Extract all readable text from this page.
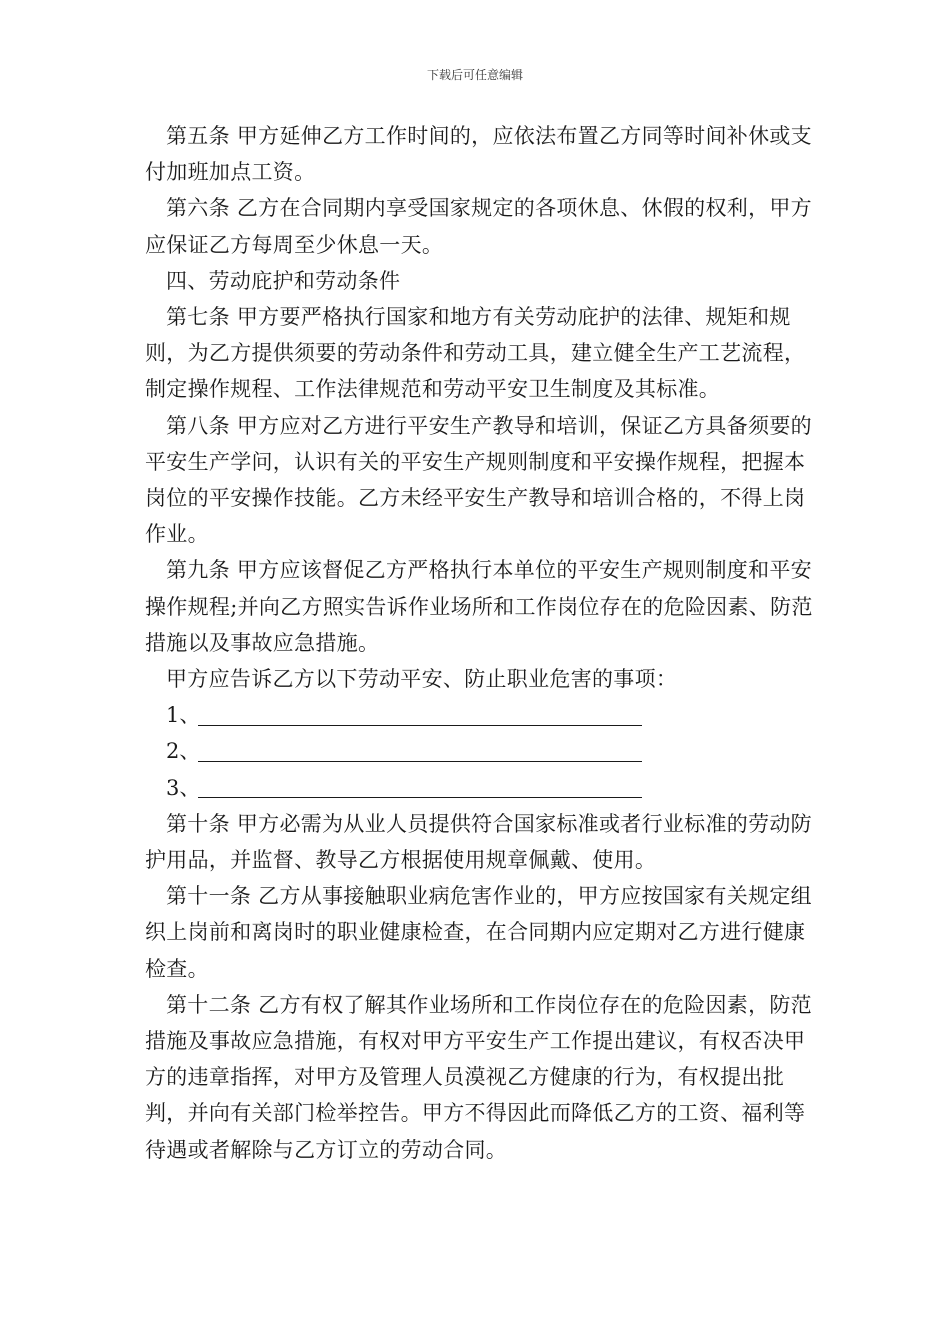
下载后可任意编辑

第五条 甲方延伸乙方工作时间的，应依法布置乙方同等时间补休或支付加班加点工资。

第六条 乙方在合同期内享受国家规定的各项休息、休假的权利，甲方应保证乙方每周至少休息一天。

四、劳动庇护和劳动条件

第七条 甲方要严格执行国家和地方有关劳动庇护的法律、规矩和规则，为乙方提供须要的劳动条件和劳动工具，建立健全生产工艺流程，制定操作规程、工作法律规范和劳动平安卫生制度及其标准。

第八条 甲方应对乙方进行平安生产教导和培训，保证乙方具备须要的平安生产学问，认识有关的平安生产规则制度和平安操作规程，把握本岗位的平安操作技能。乙方未经平安生产教导和培训合格的，不得上岗作业。

第九条 甲方应该督促乙方严格执行本单位的平安生产规则制度和平安操作规程;并向乙方照实告诉作业场所和工作岗位存在的危险因素、防范措施以及事故应急措施。

甲方应告诉乙方以下劳动平安、防止职业危害的事项：

1、
2、
3、

第十条 甲方必需为从业人员提供符合国家标准或者行业标准的劳动防护用品，并监督、教导乙方根据使用规章佩戴、使用。

第十一条 乙方从事接触职业病危害作业的，甲方应按国家有关规定组织上岗前和离岗时的职业健康检查，在合同期内应定期对乙方进行健康检查。

第十二条 乙方有权了解其作业场所和工作岗位存在的危险因素，防范措施及事故应急措施，有权对甲方平安生产工作提出建议，有权否决甲方的违章指挥，对甲方及管理人员漠视乙方健康的行为，有权提出批判，并向有关部门检举控告。甲方不得因此而降低乙方的工资、福利等待遇或者解除与乙方订立的劳动合同。
